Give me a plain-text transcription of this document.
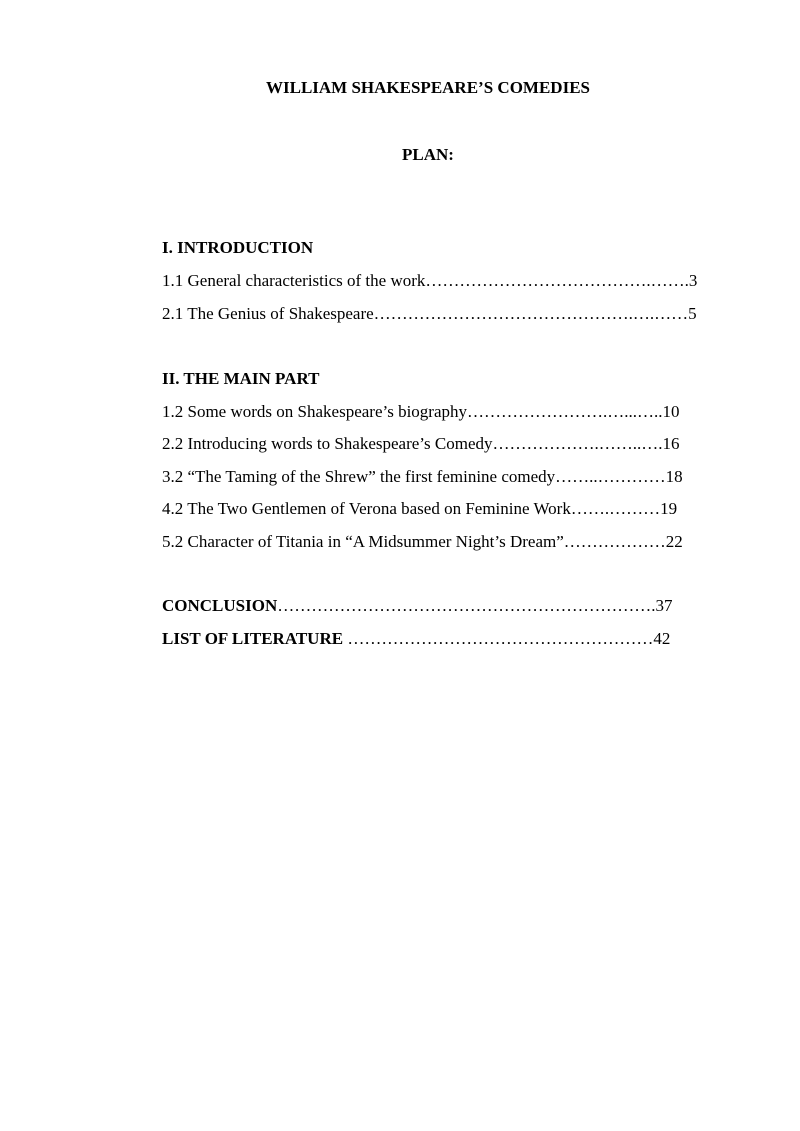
WILLIAM SHAKESPEARE’S COMEDIES
PLAN:
I. INTRODUCTION
1.1 General characteristics of the work………………………………….…….3
2.1 The Genius of Shakespeare……………………………………….….……5
II. THE MAIN PART
1.2 Some words on Shakespeare’s biography…………………….…...…..10
2.2 Introducing words to Shakespeare’s Comedy……………….……..….16
3.2 “The Taming of the Shrew” the first feminine comedy……..…………18
4.2 The Two Gentlemen of Verona based on Feminine Work…….………19
5.2 Character of Titania in “A Midsummer Night’s Dream”………………22
CONCLUSION………………………………………………………….37
LIST OF LITERATURE ………………………………………………42
